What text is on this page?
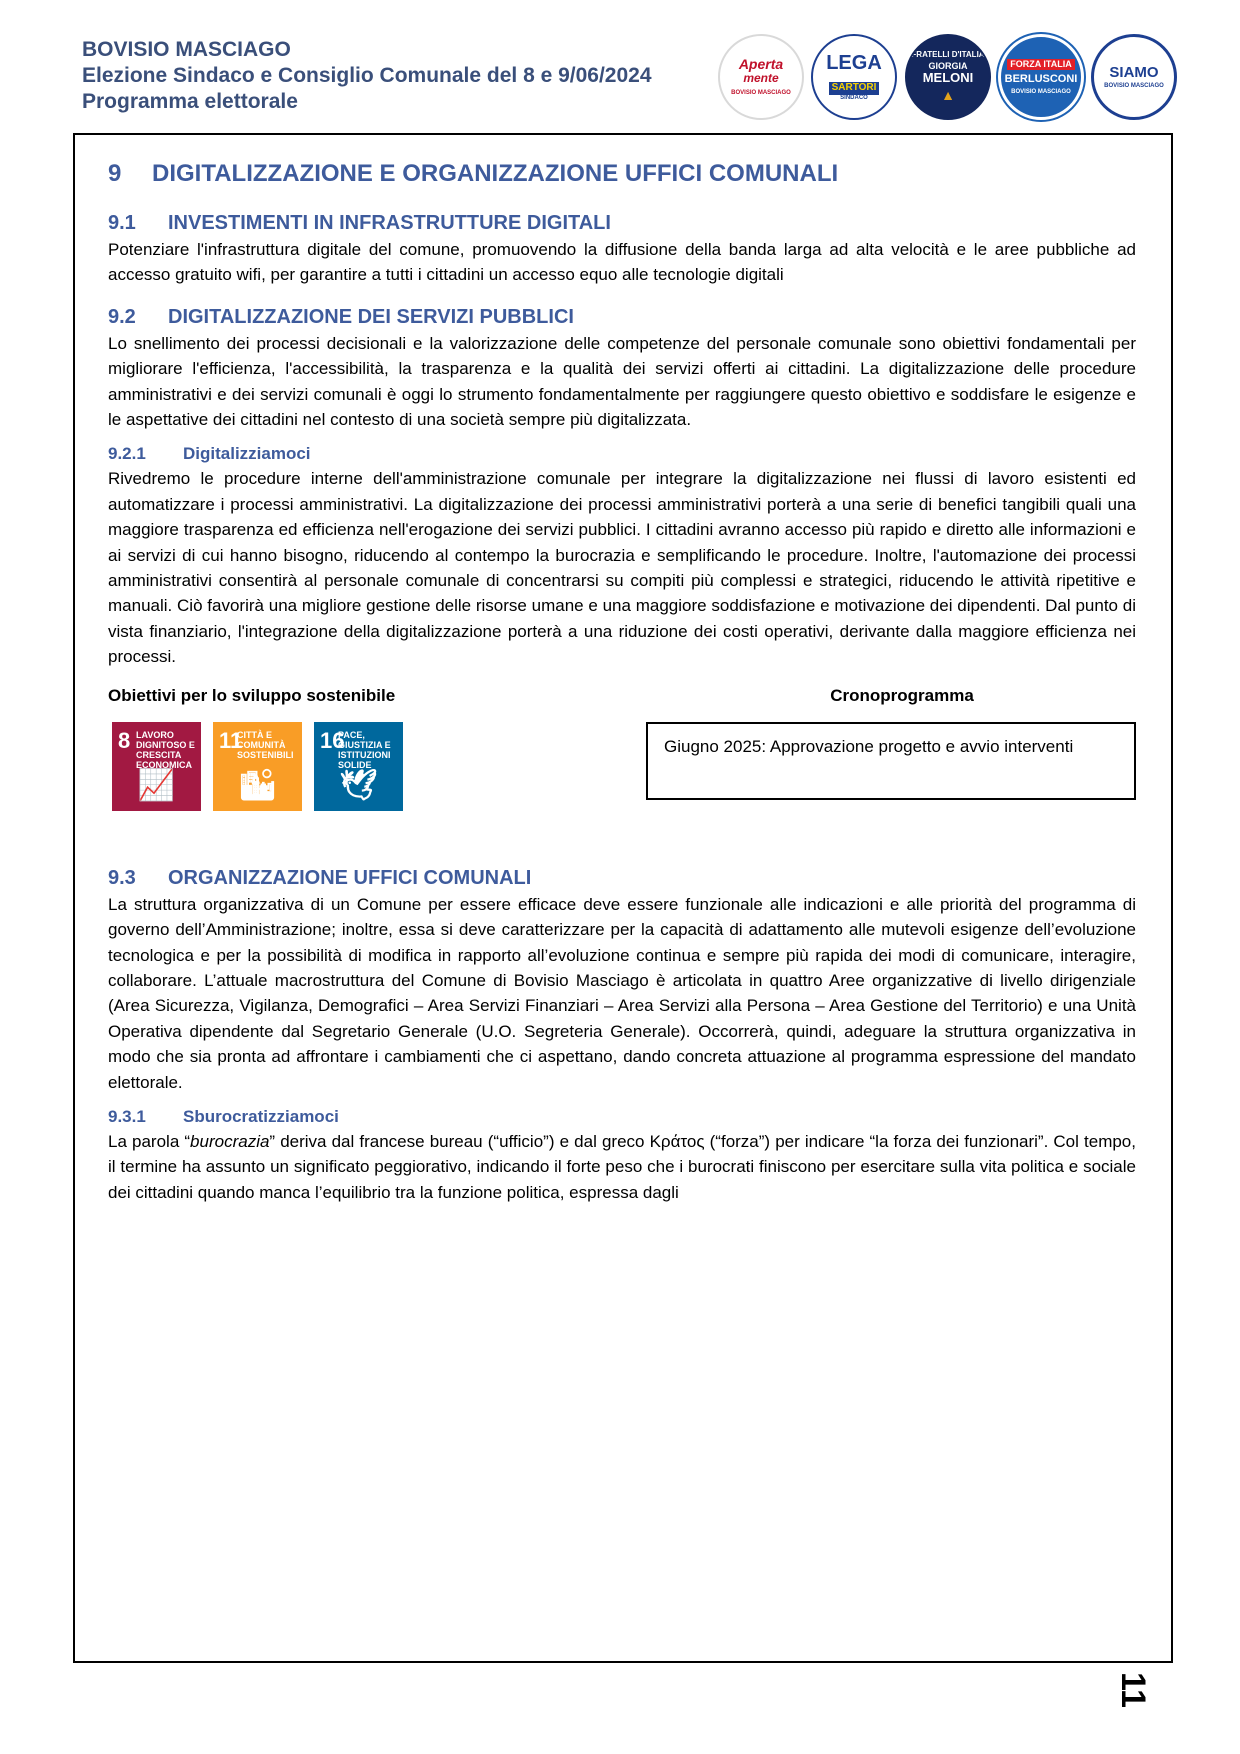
BOVISIO MASCIAGO
Elezione Sindaco e Consiglio Comunale del 8 e 9/06/2024
Programma elettorale
Aperta
mente
BOVISIO MASCIAGO
LEGA
SARTORI
SINDACO
FRATELLI D'ITALIA
GIORGIA
MELONI
▲
FORZA ITALIA
BERLUSCONI
BOVISIO MASCIAGO
SIAMO
BOVISIO MASCIAGO
9	DIGITALIZZAZIONE E ORGANIZZAZIONE UFFICI COMUNALI
9.1	INVESTIMENTI IN INFRASTRUTTURE DIGITALI

Potenziare l'infrastruttura digitale del comune, promuovendo la diffusione della banda larga ad alta velocità e le aree pubbliche ad accesso gratuito wifi, per garantire a tutti i cittadini un accesso equo alle tecnologie digitali

9.2	DIGITALIZZAZIONE DEI SERVIZI PUBBLICI

Lo snellimento dei processi decisionali e la valorizzazione delle competenze del personale comunale sono obiettivi fondamentali per migliorare l'efficienza, l'accessibilità, la trasparenza e la qualità dei servizi offerti ai cittadini. La digitalizzazione delle procedure amministrativi e dei servizi comunali è oggi lo strumento fondamentalmente per raggiungere questo obiettivo e soddisfare le esigenze e le aspettative dei cittadini nel contesto di una società sempre più digitalizzata.

9.2.1	Digitalizziamoci

Rivedremo le procedure interne dell'amministrazione comunale per integrare la digitalizzazione nei flussi di lavoro esistenti ed automatizzare i processi amministrativi. La digitalizzazione dei processi amministrativi porterà a una serie di benefici tangibili quali una maggiore trasparenza ed efficienza nell'erogazione dei servizi pubblici. I cittadini avranno accesso più rapido e diretto alle informazioni e ai servizi di cui hanno bisogno, riducendo al contempo la burocrazia e semplificando le procedure. Inoltre, l'automazione dei processi amministrativi consentirà al personale comunale di concentrarsi su compiti più complessi e strategici, riducendo le attività ripetitive e manuali. Ciò favorirà una migliore gestione delle risorse umane e una maggiore soddisfazione e motivazione dei dipendenti. Dal punto di vista finanziario, l'integrazione della digitalizzazione porterà a una riduzione dei costi operativi, derivante dalla maggiore efficienza nei processi.

Obiettivi per lo sviluppo sostenibile
8 LAVORO DIGNITOSO E CRESCITA ECONOMICA
📈
11
CITTÀ E COMUNITÀ SOSTENIBILI
🏙
16
PACE, GIUSTIZIA E ISTITUZIONI SOLIDE
🕊
Cronoprogramma
Giugno 2025: Approvazione progetto e avvio interventi
9.3	ORGANIZZAZIONE UFFICI COMUNALI

La struttura organizzativa di un Comune per essere efficace deve essere funzionale alle indicazioni e alle priorità del programma di governo dell’Amministrazione; inoltre, essa si deve caratterizzare per la capacità di adattamento alle mutevoli esigenze dell’evoluzione tecnologica e per la possibilità di modifica in rapporto all’evoluzione continua e sempre più rapida dei modi di comunicare, interagire, collaborare. L’attuale macrostruttura del Comune di Bovisio Masciago è articolata in quattro Aree organizzative di livello dirigenziale (Area Sicurezza, Vigilanza, Demografici – Area Servizi Finanziari – Area Servizi alla Persona – Area Gestione del Territorio) e una Unità Operativa dipendente dal Segretario Generale (U.O. Segreteria Generale). Occorrerà, quindi, adeguare la struttura organizzativa in modo che sia pronta ad affrontare i cambiamenti che ci aspettano, dando concreta attuazione al programma espressione del mandato elettorale.

9.3.1	Sburocratizziamoci

La parola “burocrazia” deriva dal francese bureau (“ufficio”) e dal greco Κράτος (“forza”) per indicare “la forza dei funzionari”. Col tempo, il termine ha assunto un significato peggiorativo, indicando il forte peso che i burocrati finiscono per esercitare sulla vita politica e sociale dei cittadini quando manca l’equilibrio tra la funzione politica, espressa dagli

11
